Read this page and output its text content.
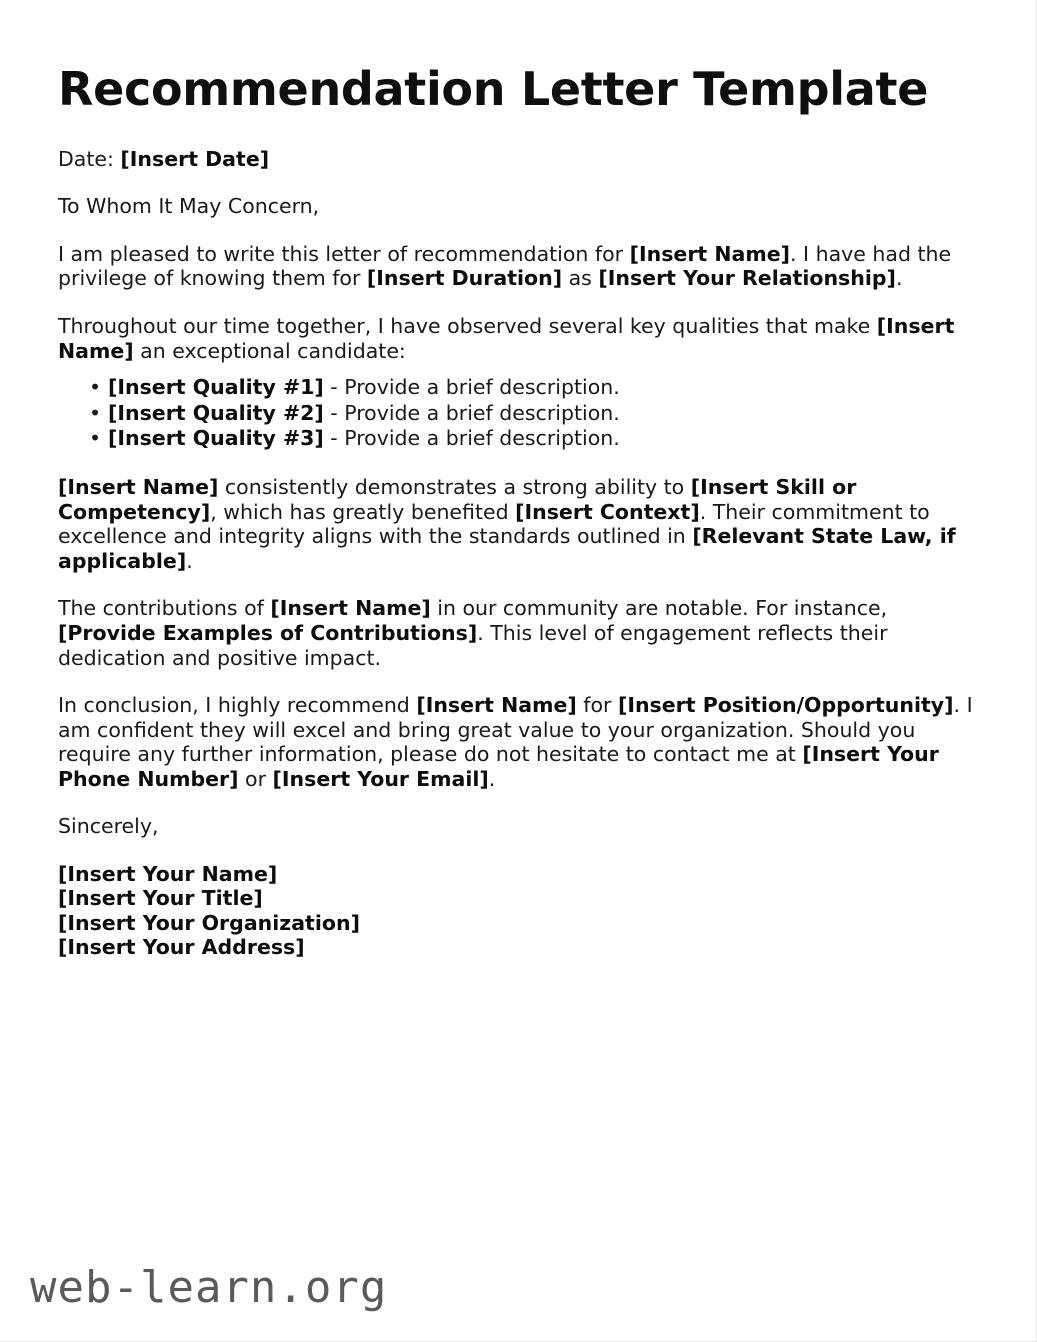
Recommendation Letter Template

Date: [Insert Date]

To Whom It May Concern,

I am pleased to write this letter of recommendation for [Insert Name]. I have had the privilege of knowing them for [Insert Duration] as [Insert Your Relationship].

Throughout our time together, I have observed several key qualities that make [Insert Name] an exceptional candidate:

• [Insert Quality #1] - Provide a brief description.
• [Insert Quality #2] - Provide a brief description.
• [Insert Quality #3] - Provide a brief description.

[Insert Name] consistently demonstrates a strong ability to [Insert Skill or Competency], which has greatly benefited [Insert Context]. Their commitment to excellence and integrity aligns with the standards outlined in [Relevant State Law, if applicable].

The contributions of [Insert Name] in our community are notable. For instance, [Provide Examples of Contributions]. This level of engagement reflects their dedication and positive impact.

In conclusion, I highly recommend [Insert Name] for [Insert Position/Opportunity]. I am confident they will excel and bring great value to your organization. Should you require any further information, please do not hesitate to contact me at [Insert Your Phone Number] or [Insert Your Email].

Sincerely,

[Insert Your Name]
[Insert Your Title]
[Insert Your Organization]
[Insert Your Address]
web-learn.org
